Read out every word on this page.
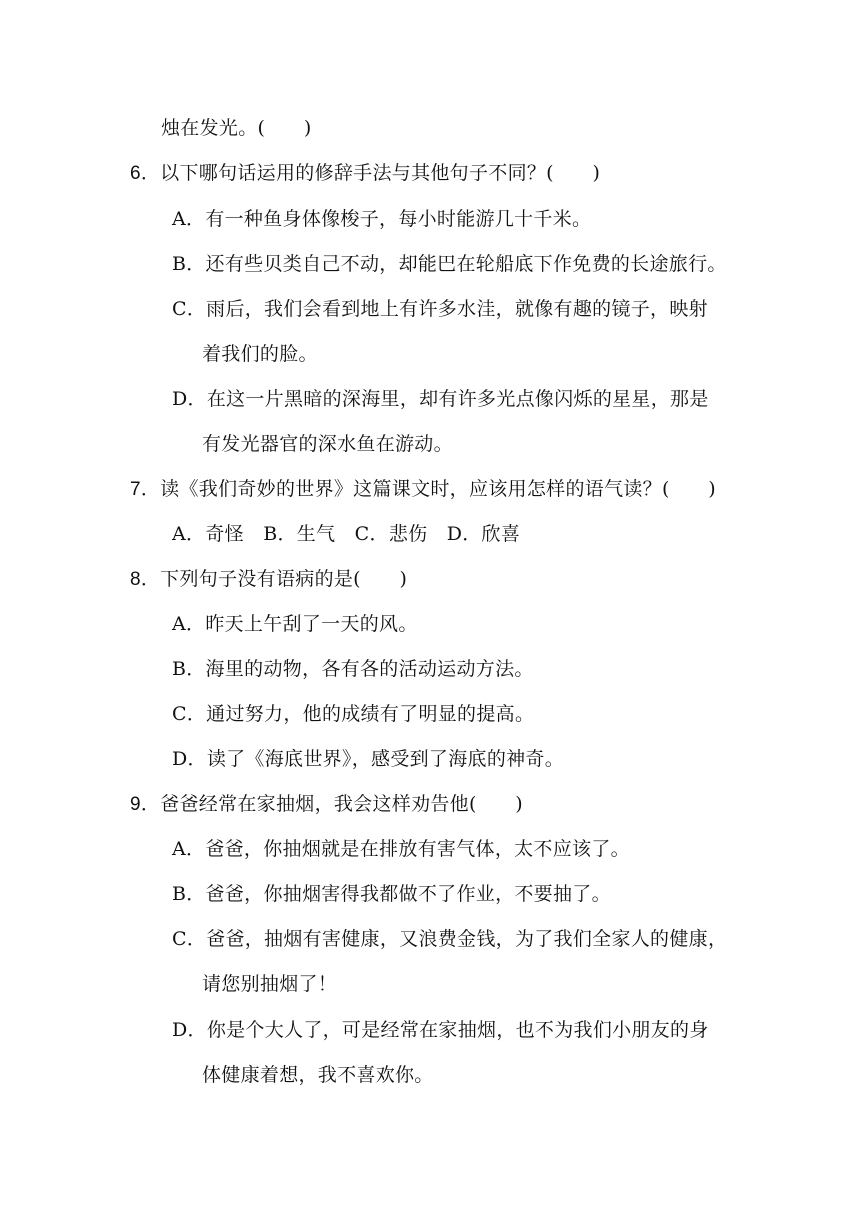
烛在发光。(　　)
6．以下哪句话运用的修辞手法与其他句子不同？(　　)
A．有一种鱼身体像梭子，每小时能游几十千米。
B．还有些贝类自己不动，却能巴在轮船底下作免费的长途旅行。
C．雨后，我们会看到地上有许多水洼，就像有趣的镜子，映射
着我们的脸。
D．在这一片黑暗的深海里，却有许多光点像闪烁的星星，那是
有发光器官的深水鱼在游动。
7．读《我们奇妙的世界》这篇课文时，应该用怎样的语气读？(　　)
A．奇怪　B．生气　C．悲伤　D．欣喜
8．下列句子没有语病的是(　　)
A．昨天上午刮了一天的风。
B．海里的动物，各有各的活动运动方法。
C．通过努力，他的成绩有了明显的提高。
D．读了《海底世界》，感受到了海底的神奇。
9．爸爸经常在家抽烟，我会这样劝告他(　　)
A．爸爸，你抽烟就是在排放有害气体，太不应该了。
B．爸爸，你抽烟害得我都做不了作业，不要抽了。
C．爸爸，抽烟有害健康，又浪费金钱，为了我们全家人的健康，
请您别抽烟了！
D．你是个大人了，可是经常在家抽烟，也不为我们小朋友的身
体健康着想，我不喜欢你。
